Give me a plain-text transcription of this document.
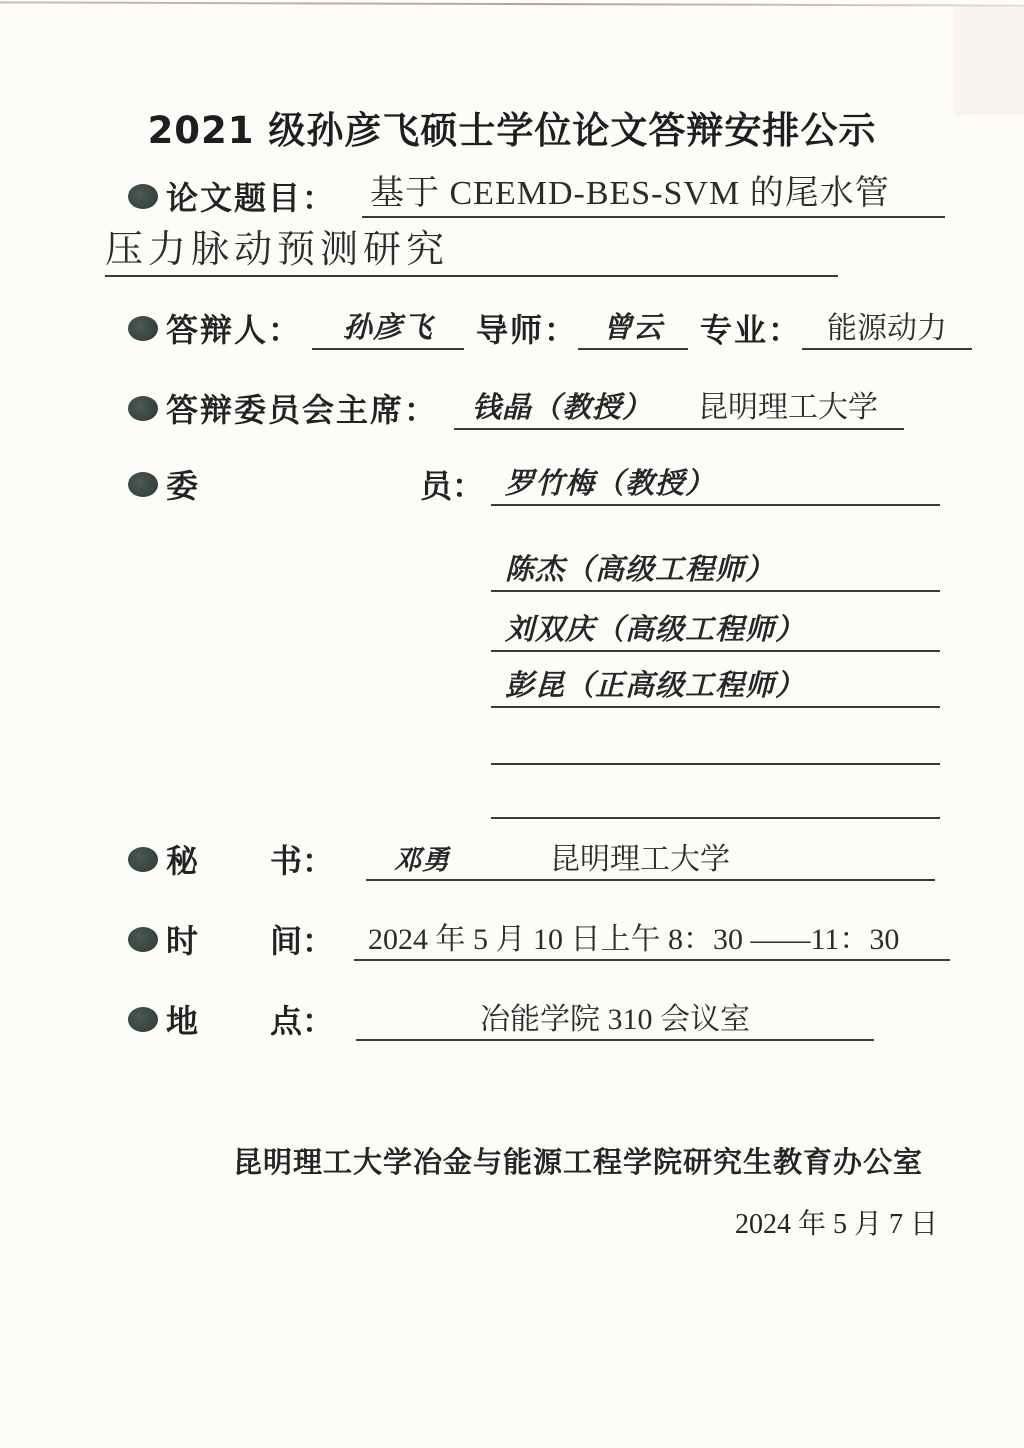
2021 级孙彦飞硕士学位论文答辩安排公示
论文题目： 基于 CEEMD-BES-SVM 的尾水管
压力脉动预测研究
答辩人：	孙彦飞	导师： 曾云	专业： 能源动力
答辩委员会主席：	钱晶（教授） 昆明理工大学
委	员： 罗竹梅（教授）
陈杰（高级工程师）
刘双庆（高级工程师）
彭昆（正高级工程师）
秘 书：	邓勇	昆明理工大学
时 间：	2024 年 5 月 10 日上午 8：30 ——11：30
地 点：	冶能学院 310 会议室
昆明理工大学冶金与能源工程学院研究生教育办公室
2024 年 5 月 7 日
